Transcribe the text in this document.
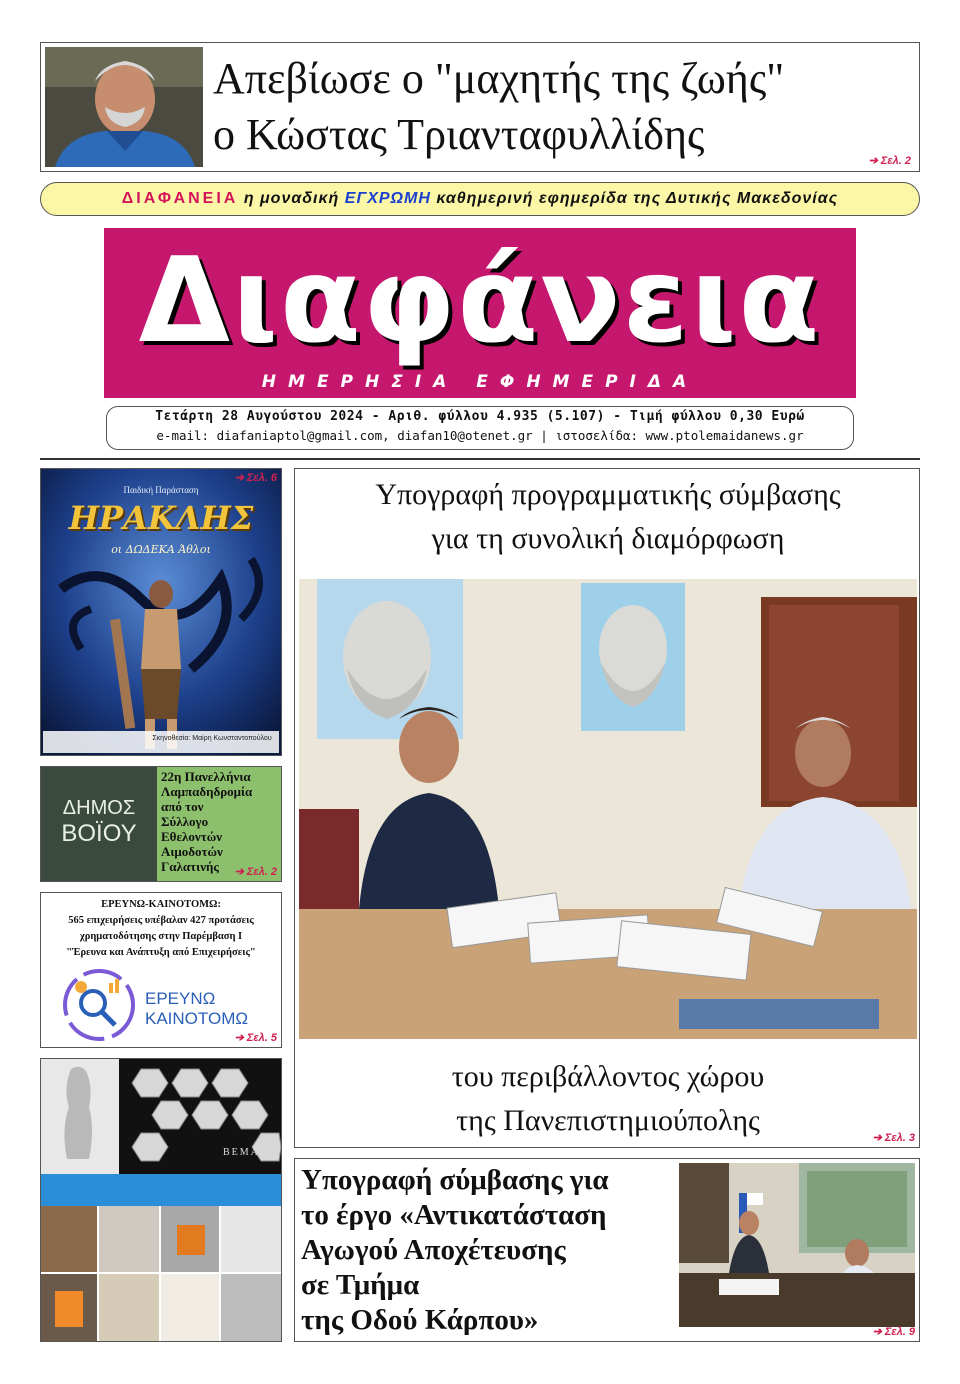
Απεβίωσε ο "μαχητής της ζωής"
ο Κώστας Τριανταφυλλίδης
➔ Σελ. 2
ΔΙΑΦΑΝΕΙΑ η μοναδική ΕΓΧΡΩΜΗ καθημερινή εφημερίδα της Δυτικής Μακεδονίας
Διαφάνεια
ΗΜΕΡΗΣΙΑ ΕΦΗΜΕΡΙΔΑ
Τετάρτη 28 Αυγούστου 2024 - Αριθ. φύλλου 4.935 (5.107) - Τιμή φύλλου 0,30 Ευρώ
e-mail: diafaniaptol@gmail.com, diafan10@otenet.gr | ιστοσελίδα: www.ptolemaidanews.gr
Παιδική Παράσταση
ΗΡΑΚΛΗΣ
οι ΔΩΔΕΚΑ Άθλοι
Σκηνοθεσία: Μαίρη Κωνσταντοπούλου
➔ Σελ. 6
ΔΗΜΟΣ
ΒΟΪΟΥ
22η Πανελλήνια
Λαμπαδηδρομία
από τον
Σύλλογο
Εθελοντών
Αιμοδοτών
Γαλατινής	➔ Σελ. 2
ΕΡΕΥΝΩ-ΚΑΙΝΟΤΟΜΩ:
565 επιχειρήσεις υπέβαλαν 427 προτάσεις
χρηματοδότησης στην Παρέμβαση Ι
"Έρευνα και Ανάπτυξη από Επιχειρήσεις"
ΕΡΕΥΝΩ
ΚΑΙΝΟΤΟΜΩ
➔ Σελ. 5
BEMAT
Υπογραφή προγραμματικής σύμβασης
για τη συνολική διαμόρφωση
του περιβάλλοντος χώρου
της Πανεπιστημιούπολης
➔ Σελ. 3
Υπογραφή σύμβασης για
το έργο «Αντικατάσταση
Αγωγού Αποχέτευσης
σε Τμήμα
της Οδού Κάρπου»	➔ Σελ. 9
